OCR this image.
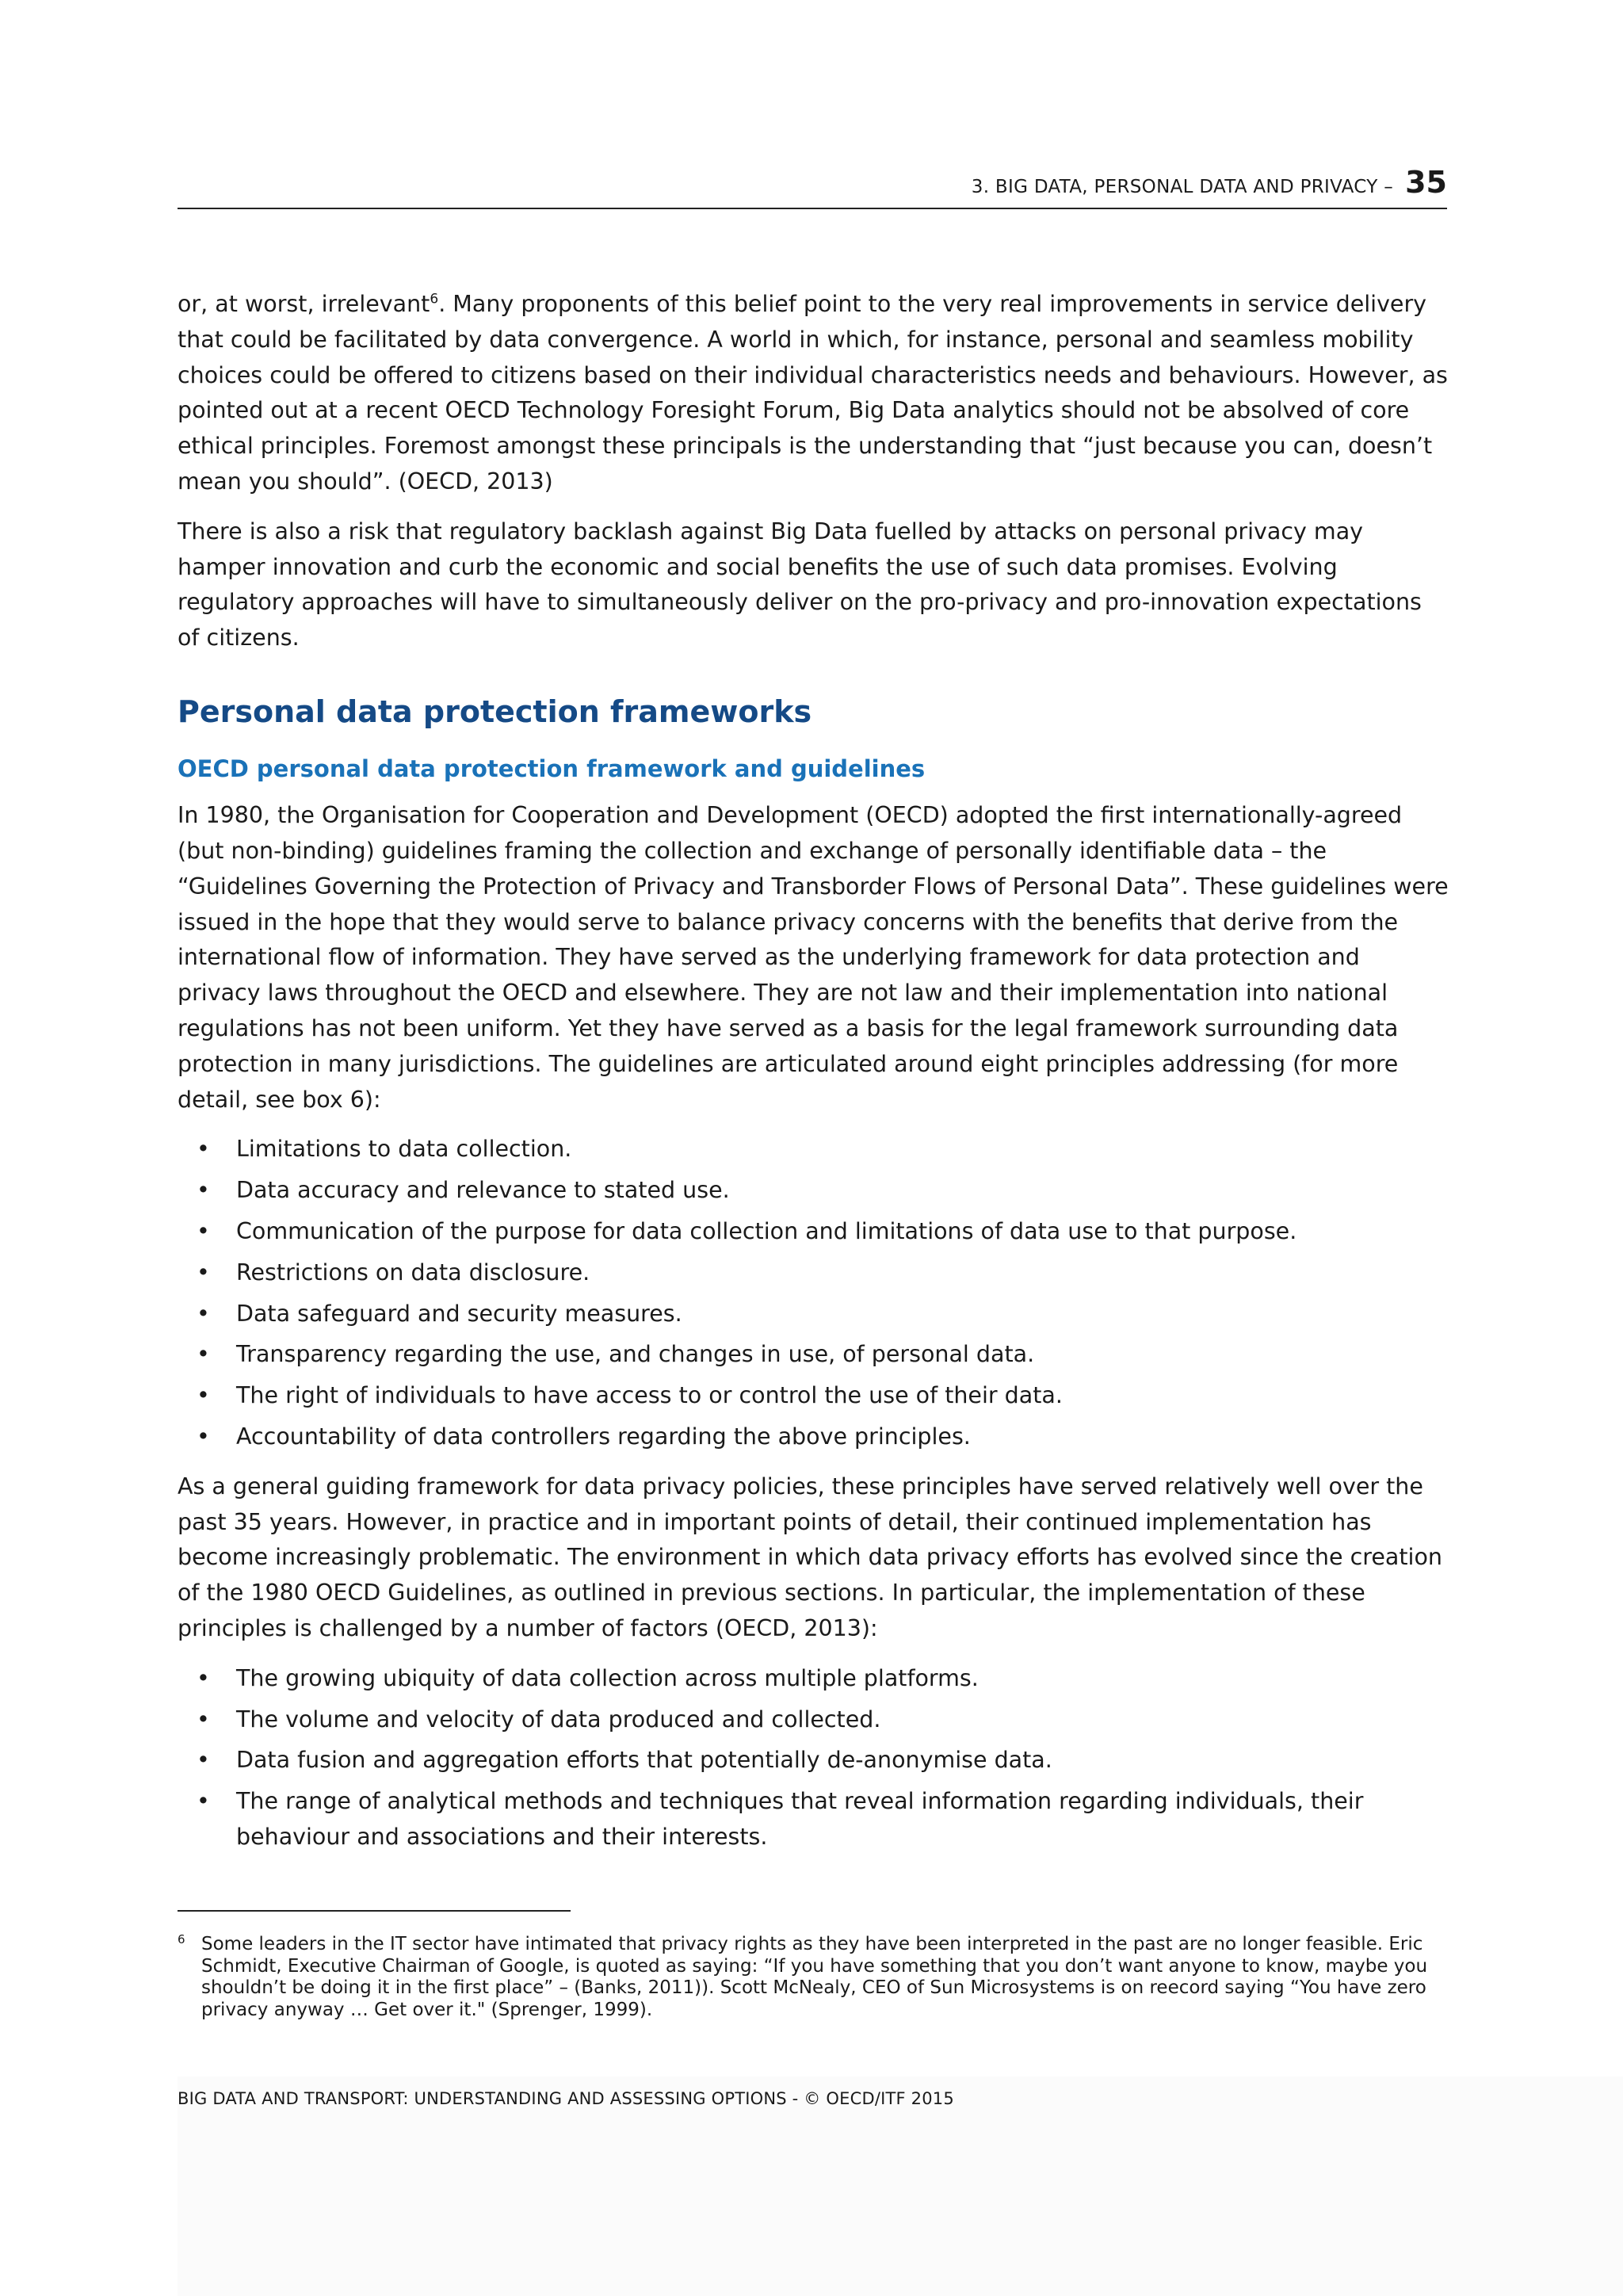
3. BIG DATA, PERSONAL DATA AND PRIVACY – 35

or, at worst, irrelevant$^6$. Many proponents of this belief point to the very real improvements in service delivery that could be facilitated by data convergence. A world in which, for instance, personal and seamless mobility choices could be offered to citizens based on their individual characteristics needs and behaviours. However, as pointed out at a recent OECD Technology Foresight Forum, Big Data analytics should not be absolved of core ethical principles. Foremost amongst these principals is the understanding that “just because you can, doesn’t mean you should”. (OECD, 2013)

There is also a risk that regulatory backlash against Big Data fuelled by attacks on personal privacy may hamper innovation and curb the economic and social benefits the use of such data promises. Evolving regulatory approaches will have to simultaneously deliver on the pro-privacy and pro-innovation expectations of citizens.

Personal data protection frameworks
OECD personal data protection framework and guidelines

In 1980, the Organisation for Cooperation and Development (OECD) adopted the first internationally-agreed (but non-binding) guidelines framing the collection and exchange of personally identifiable data – the “Guidelines Governing the Protection of Privacy and Transborder Flows of Personal Data”. These guidelines were issued in the hope that they would serve to balance privacy concerns with the benefits that derive from the international flow of information. They have served as the underlying framework for data protection and privacy laws throughout the OECD and elsewhere. They are not law and their implementation into national regulations has not been uniform. Yet they have served as a basis for the legal framework surrounding data protection in many jurisdictions. The guidelines are articulated around eight principles addressing (for more detail, see box 6):

• Limitations to data collection.
• Data accuracy and relevance to stated use.
• Communication of the purpose for data collection and limitations of data use to that purpose.
• Restrictions on data disclosure.
• Data safeguard and security measures.
• Transparency regarding the use, and changes in use, of personal data.
• The right of individuals to have access to or control the use of their data.
• Accountability of data controllers regarding the above principles.

As a general guiding framework for data privacy policies, these principles have served relatively well over the past 35 years. However, in practice and in important points of detail, their continued implementation has become increasingly problematic. The environment in which data privacy efforts has evolved since the creation of the 1980 OECD Guidelines, as outlined in previous sections. In particular, the implementation of these principles is challenged by a number of factors (OECD, 2013):

• The growing ubiquity of data collection across multiple platforms.
• The volume and velocity of data produced and collected.
• Data fusion and aggregation efforts that potentially de-anonymise data.
• The range of analytical methods and techniques that reveal information regarding individuals, their behaviour and associations and their interests.
6 Some leaders in the IT sector have intimated that privacy rights as they have been interpreted in the past are no longer feasible. Eric Schmidt, Executive Chairman of Google, is quoted as saying: “If you have something that you don’t want anyone to know, maybe you shouldn’t be doing it in the first place” – (Banks, 2011)). Scott McNealy, CEO of Sun Microsystems is on reecord saying “You have zero privacy anyway … Get over it." (Sprenger, 1999).
BIG DATA AND TRANSPORT: UNDERSTANDING AND ASSESSING OPTIONS - © OECD/ITF 2015
